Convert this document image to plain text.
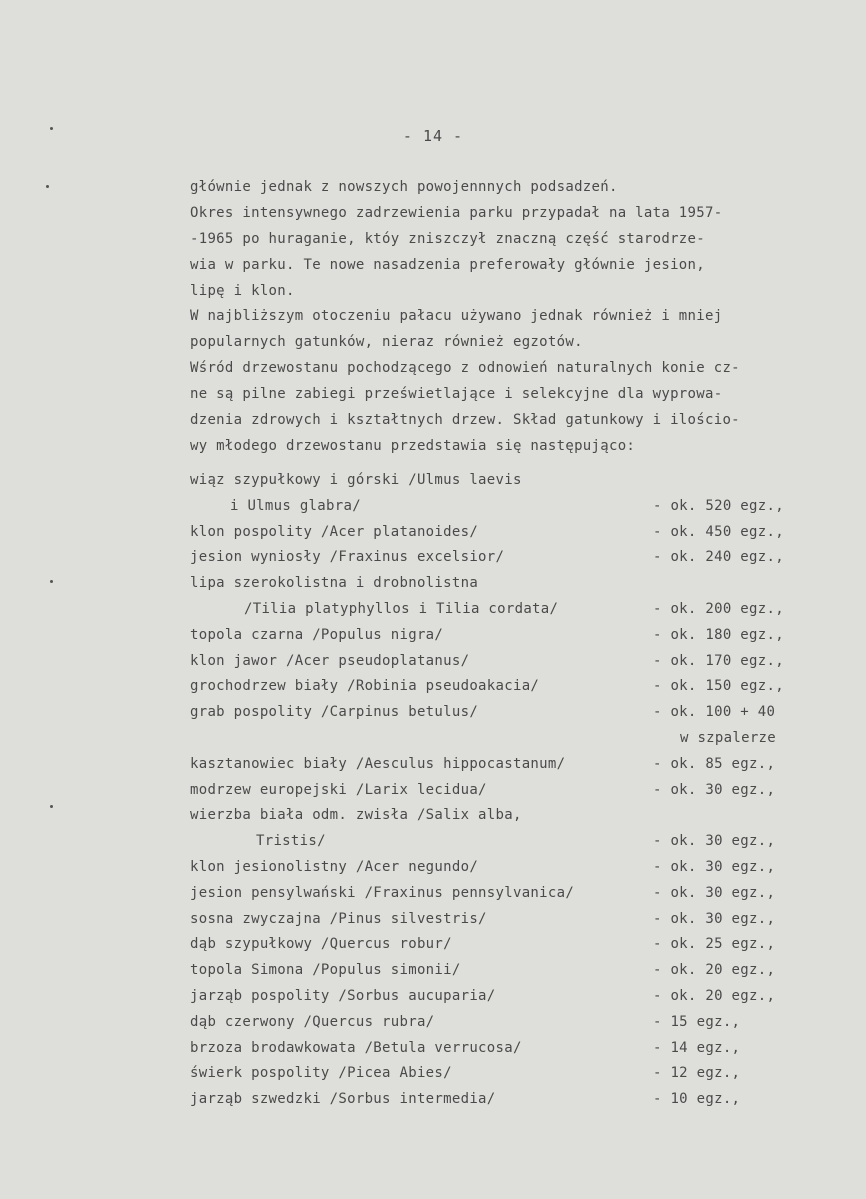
- 14 -
głównie jednak z nowszych powojennnych podsadzeń.
Okres intensywnego zadrzewienia parku przypadał na lata 1957-
-1965 po huraganie, któy zniszczył znaczną część starodrze-
wia w parku. Te nowe nasadzenia preferowały głównie jesion,
lipę i klon.
W najbliższym otoczeniu pałacu używano jednak również i mniej
popularnych gatunków, nieraz również egzotów.
Wśród drzewostanu pochodzącego z odnowień naturalnych konie cz-
ne są pilne zabiegi prześwietlające i selekcyjne dla wyprowa-
dzenia zdrowych i kształtnych drzew. Skład gatunkowy i ilościo-
wy młodego drzewostanu przedstawia się następująco:
wiąz szypułkowy i górski /Ulmus laevis
i Ulmus glabra/	- ok. 520 egz.,
klon pospolity /Acer platanoides/	- ok. 450 egz.,
jesion wyniosły /Fraxinus excelsior/	- ok. 240 egz.,
lipa szerokolistna i drobnolistna
/Tilia platyphyllos i Tilia cordata/	- ok. 200 egz.,
topola czarna /Populus nigra/	- ok. 180 egz.,
klon jawor /Acer pseudoplatanus/	- ok. 170 egz.,
grochodrzew biały /Robinia pseudoakacia/	- ok. 150 egz.,
grab pospolity /Carpinus betulus/	- ok. 100 + 40
w szpalerze
kasztanowiec biały /Aesculus hippocastanum/	- ok. 85 egz.,
modrzew europejski /Larix lecidua/	- ok. 30 egz.,
wierzba biała odm. zwisła /Salix alba,
Tristis/	- ok. 30 egz.,
klon jesionolistny /Acer negundo/	- ok. 30 egz.,
jesion pensylwański /Fraxinus pennsylvanica/	- ok. 30 egz.,
sosna zwyczajna /Pinus silvestris/	- ok. 30 egz.,
dąb szypułkowy /Quercus robur/	- ok. 25 egz.,
topola Simona /Populus simonii/	- ok. 20 egz.,
jarząb pospolity /Sorbus aucuparia/	- ok. 20 egz.,
dąb czerwony /Quercus rubra/	- 15 egz.,
brzoza brodawkowata /Betula verrucosa/	- 14 egz.,
świerk pospolity /Picea Abies/	- 12 egz.,
jarząb szwedzki /Sorbus intermedia/	- 10 egz.,
